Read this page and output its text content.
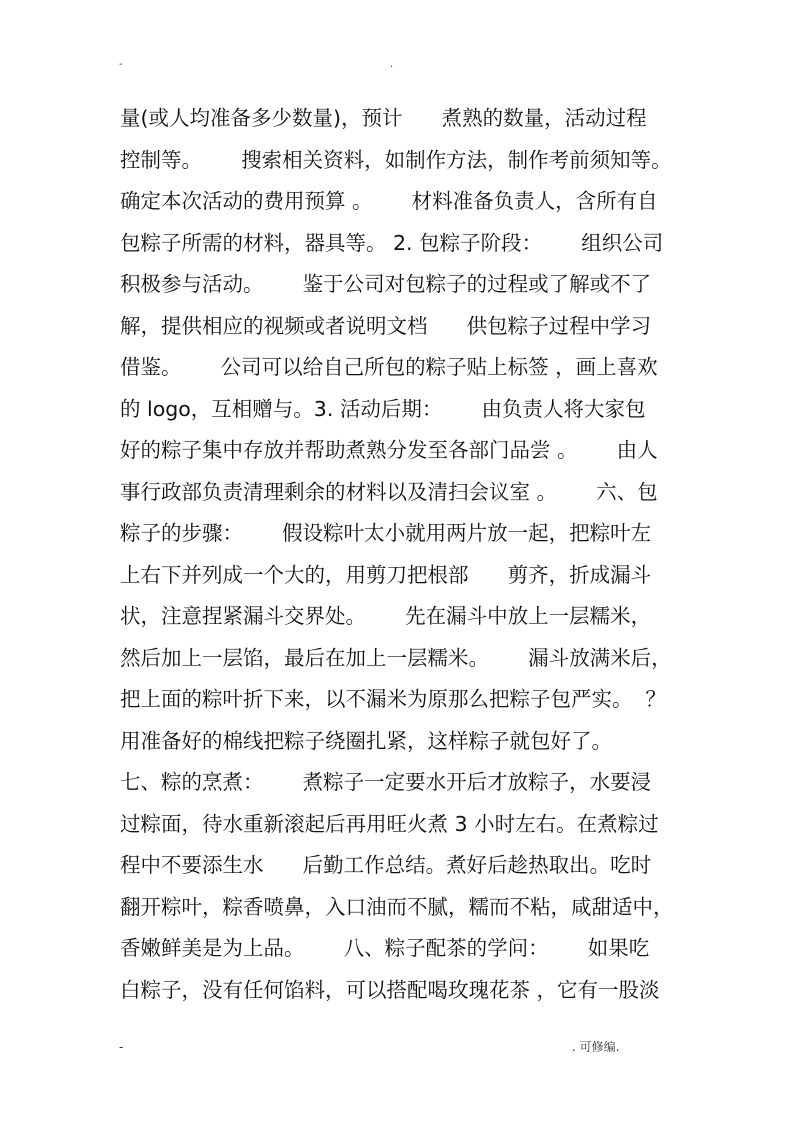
-	.
量(或人均准备多少数量)，预计      煮熟的数量，活动过程
控制等。      搜索相关资料，如制作方法，制作考前须知等。
确定本次活动的费用预算 。      材料准备负责人，含所有自
包粽子所需的材料，器具等。 2. 包粽子阶段：      组织公司
积极参与活动。      鉴于公司对包粽子的过程或了解或不了
解，提供相应的视频或者说明文档      供包粽子过程中学习
借鉴。      公司可以给自己所包的粽子贴上标签 ，画上喜欢
的 logo，互相赠与。3. 活动后期：      由负责人将大家包
好的粽子集中存放并帮助煮熟分发至各部门品尝 。      由人
事行政部负责清理剩余的材料以及清扫会议室 。      六、包
粽子的步骤：      假设粽叶太小就用两片放一起，把粽叶左
上右下并列成一个大的，用剪刀把根部      剪齐，折成漏斗
状，注意捏紧漏斗交界处。      先在漏斗中放上一层糯米，
然后加上一层馅，最后在加上一层糯米。      漏斗放满米后，
把上面的粽叶折下来，以不漏米为原那么把粽子包严实。  ？
用准备好的棉线把粽子绕圈扎紧，这样粽子就包好了。
七、粽的烹煮：      煮粽子一定要水开后才放粽子，水要浸
过粽面，待水重新滚起后再用旺火煮 3 小时左右。在煮粽过
程中不要添生水      后勤工作总结。煮好后趁热取出。吃时
翻开粽叶，粽香喷鼻，入口油而不腻，糯而不粘，咸甜适中，
香嫩鲜美是为上品。      八、粽子配茶的学问：      如果吃
白粽子，没有任何馅料，可以搭配喝玫瑰花茶 ，它有一股淡
-	. 可修编.
